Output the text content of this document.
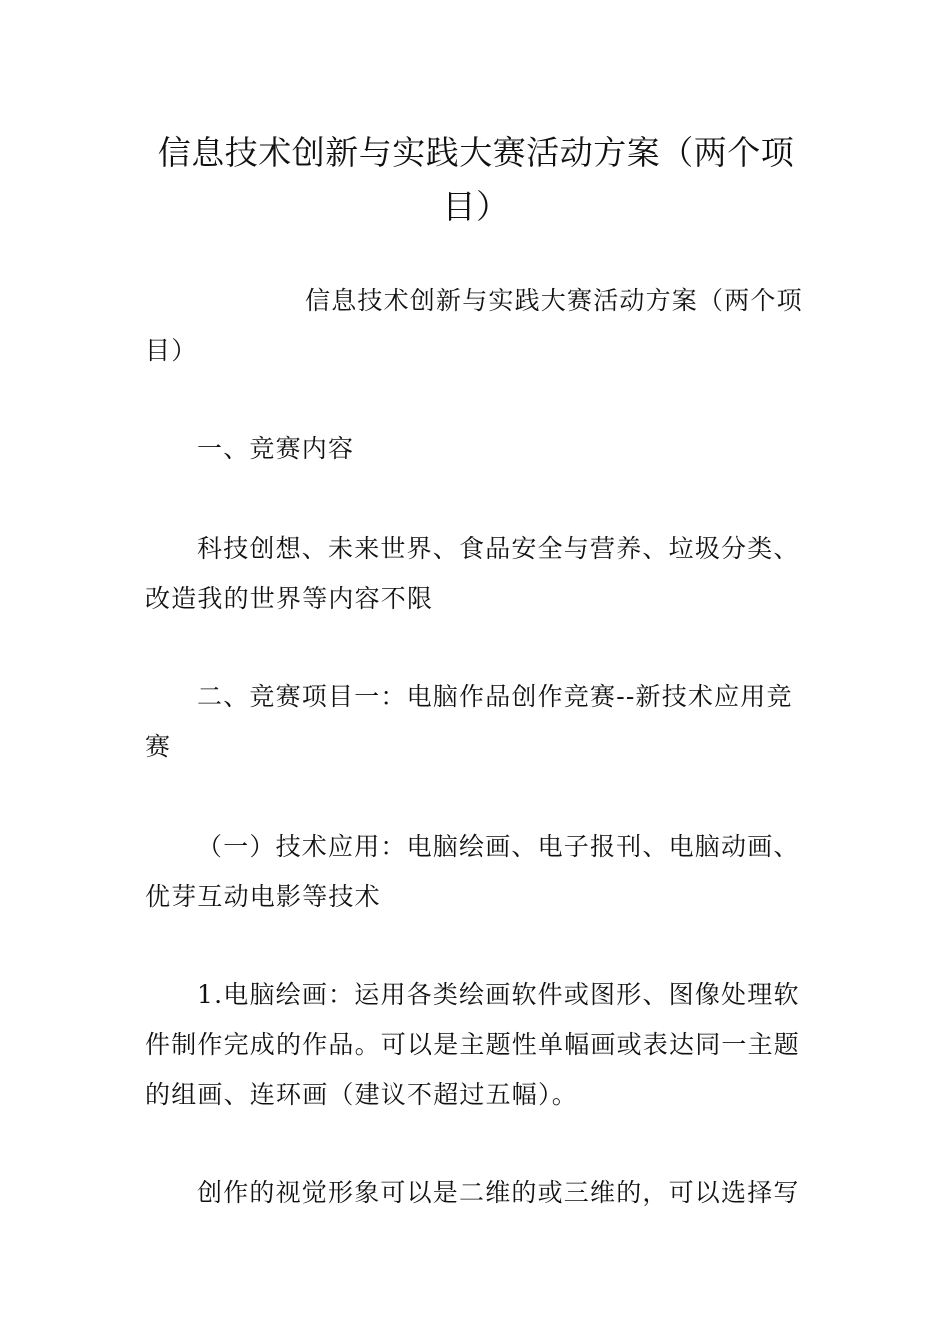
信息技术创新与实践大赛活动方案（两个项目）

信息技术创新与实践大赛活动方案（两个项目）

一、竞赛内容

科技创想、未来世界、食品安全与营养、垃圾分类、改造我的世界等内容不限

二、竞赛项目一：电脑作品创作竞赛--新技术应用竞赛

（一）技术应用：电脑绘画、电子报刊、电脑动画、优芽互动电影等技术

1.电脑绘画：运用各类绘画软件或图形、图像处理软件制作完成的作品。可以是主题性单幅画或表达同一主题的组画、连环画（建议不超过五幅）。

创作的视觉形象可以是二维的或三维的，可以选择写
